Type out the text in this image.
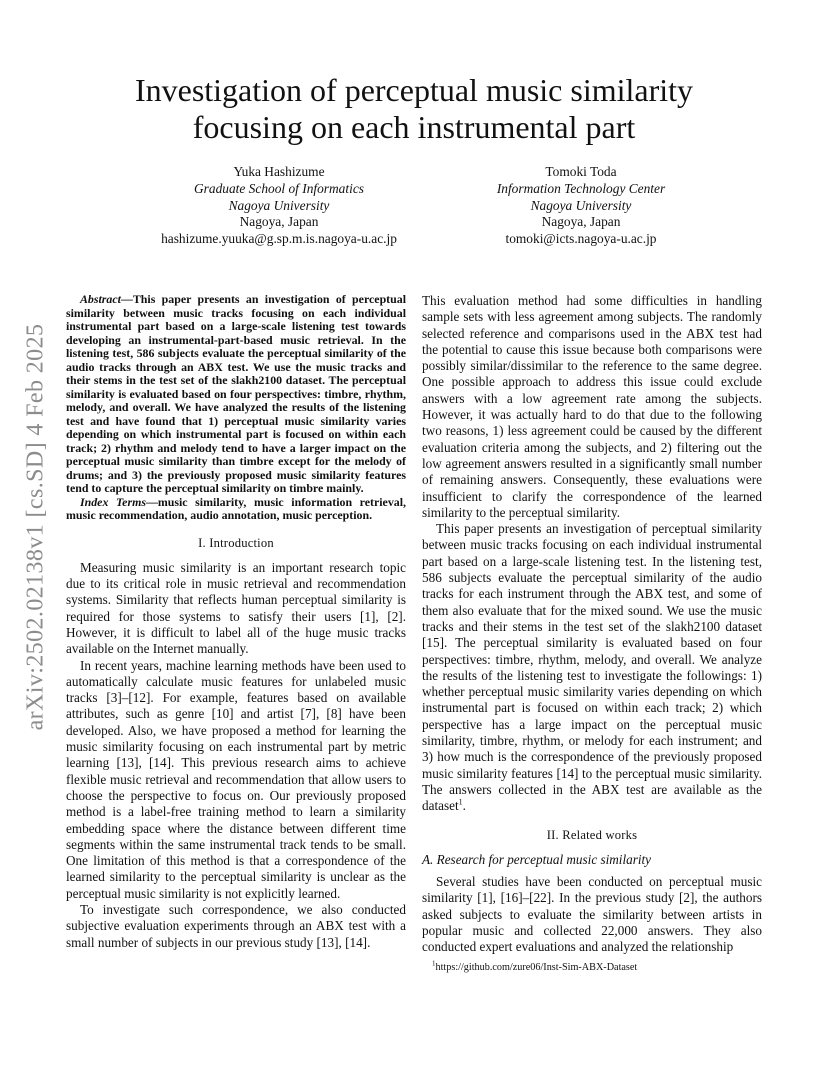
arXiv:2502.02138v1 [cs.SD] 4 Feb 2025
Investigation of perceptual music similarity
focusing on each instrumental part
Yuka Hashizume
Graduate School of Informatics
Nagoya University
Nagoya, Japan
hashizume.yuuka@g.sp.m.is.nagoya-u.ac.jp
Tomoki Toda
Information Technology Center
Nagoya University
Nagoya, Japan
tomoki@icts.nagoya-u.ac.jp

Abstract—This paper presents an investigation of perceptual similarity between music tracks focusing on each individual instrumental part based on a large-scale listening test towards developing an instrumental-part-based music retrieval. In the listening test, 586 subjects evaluate the perceptual similarity of the audio tracks through an ABX test. We use the music tracks and their stems in the test set of the slakh2100 dataset. The perceptual similarity is evaluated based on four perspectives: timbre, rhythm, melody, and overall. We have analyzed the results of the listening test and have found that 1) perceptual music similarity varies depending on which instrumental part is focused on within each track; 2) rhythm and melody tend to have a larger impact on the perceptual music similarity than timbre except for the melody of drums; and 3) the previously proposed music similarity features tend to capture the perceptual similarity on timbre mainly.

Index Terms—music similarity, music information retrieval, music recommendation, audio annotation, music perception.

I. Introduction

Measuring music similarity is an important research topic due to its critical role in music retrieval and recommendation systems. Similarity that reflects human perceptual similarity is required for those systems to satisfy their users [1], [2]. However, it is difficult to label all of the huge music tracks available on the Internet manually.

In recent years, machine learning methods have been used to automatically calculate music features for unlabeled music tracks [3]–[12]. For example, features based on available attributes, such as genre [10] and artist [7], [8] have been developed. Also, we have proposed a method for learning the music similarity focusing on each instrumental part by metric learning [13], [14]. This previous research aims to achieve flexible music retrieval and recommendation that allow users to choose the perspective to focus on. Our previously proposed method is a label-free training method to learn a similarity embedding space where the distance between different time segments within the same instrumental track tends to be small. One limitation of this method is that a correspondence of the learned similarity to the perceptual similarity is unclear as the perceptual music similarity is not explicitly learned.

To investigate such correspondence, we also conducted subjective evaluation experiments through an ABX test with a small number of subjects in our previous study [13], [14].

This evaluation method had some difficulties in handling sample sets with less agreement among subjects. The randomly selected reference and comparisons used in the ABX test had the potential to cause this issue because both comparisons were possibly similar/dissimilar to the reference to the same degree. One possible approach to address this issue could exclude answers with a low agreement rate among the subjects. However, it was actually hard to do that due to the following two reasons, 1) less agreement could be caused by the different evaluation criteria among the subjects, and 2) filtering out the low agreement answers resulted in a significantly small number of remaining answers. Consequently, these evaluations were insufficient to clarify the correspondence of the learned similarity to the perceptual similarity.

This paper presents an investigation of perceptual similarity between music tracks focusing on each individual instrumental part based on a large-scale listening test. In the listening test, 586 subjects evaluate the perceptual similarity of the audio tracks for each instrument through the ABX test, and some of them also evaluate that for the mixed sound. We use the music tracks and their stems in the test set of the slakh2100 dataset [15]. The perceptual similarity is evaluated based on four perspectives: timbre, rhythm, melody, and overall. We analyze the results of the listening test to investigate the followings: 1) whether perceptual music similarity varies depending on which instrumental part is focused on within each track; 2) which perspective has a large impact on the perceptual music similarity, timbre, rhythm, or melody for each instrument; and 3) how much is the correspondence of the previously proposed music similarity features [14] to the perceptual music similarity. The answers collected in the ABX test are available as the dataset$^1$.

II. Related works
A. Research for perceptual music similarity

Several studies have been conducted on perceptual music similarity [1], [16]–[22]. In the previous study [2], the authors asked subjects to evaluate the similarity between artists in popular music and collected 22,000 answers. They also conducted expert evaluations and analyzed the relationship

$^1$https://github.com/zure06/Inst-Sim-ABX-Dataset
